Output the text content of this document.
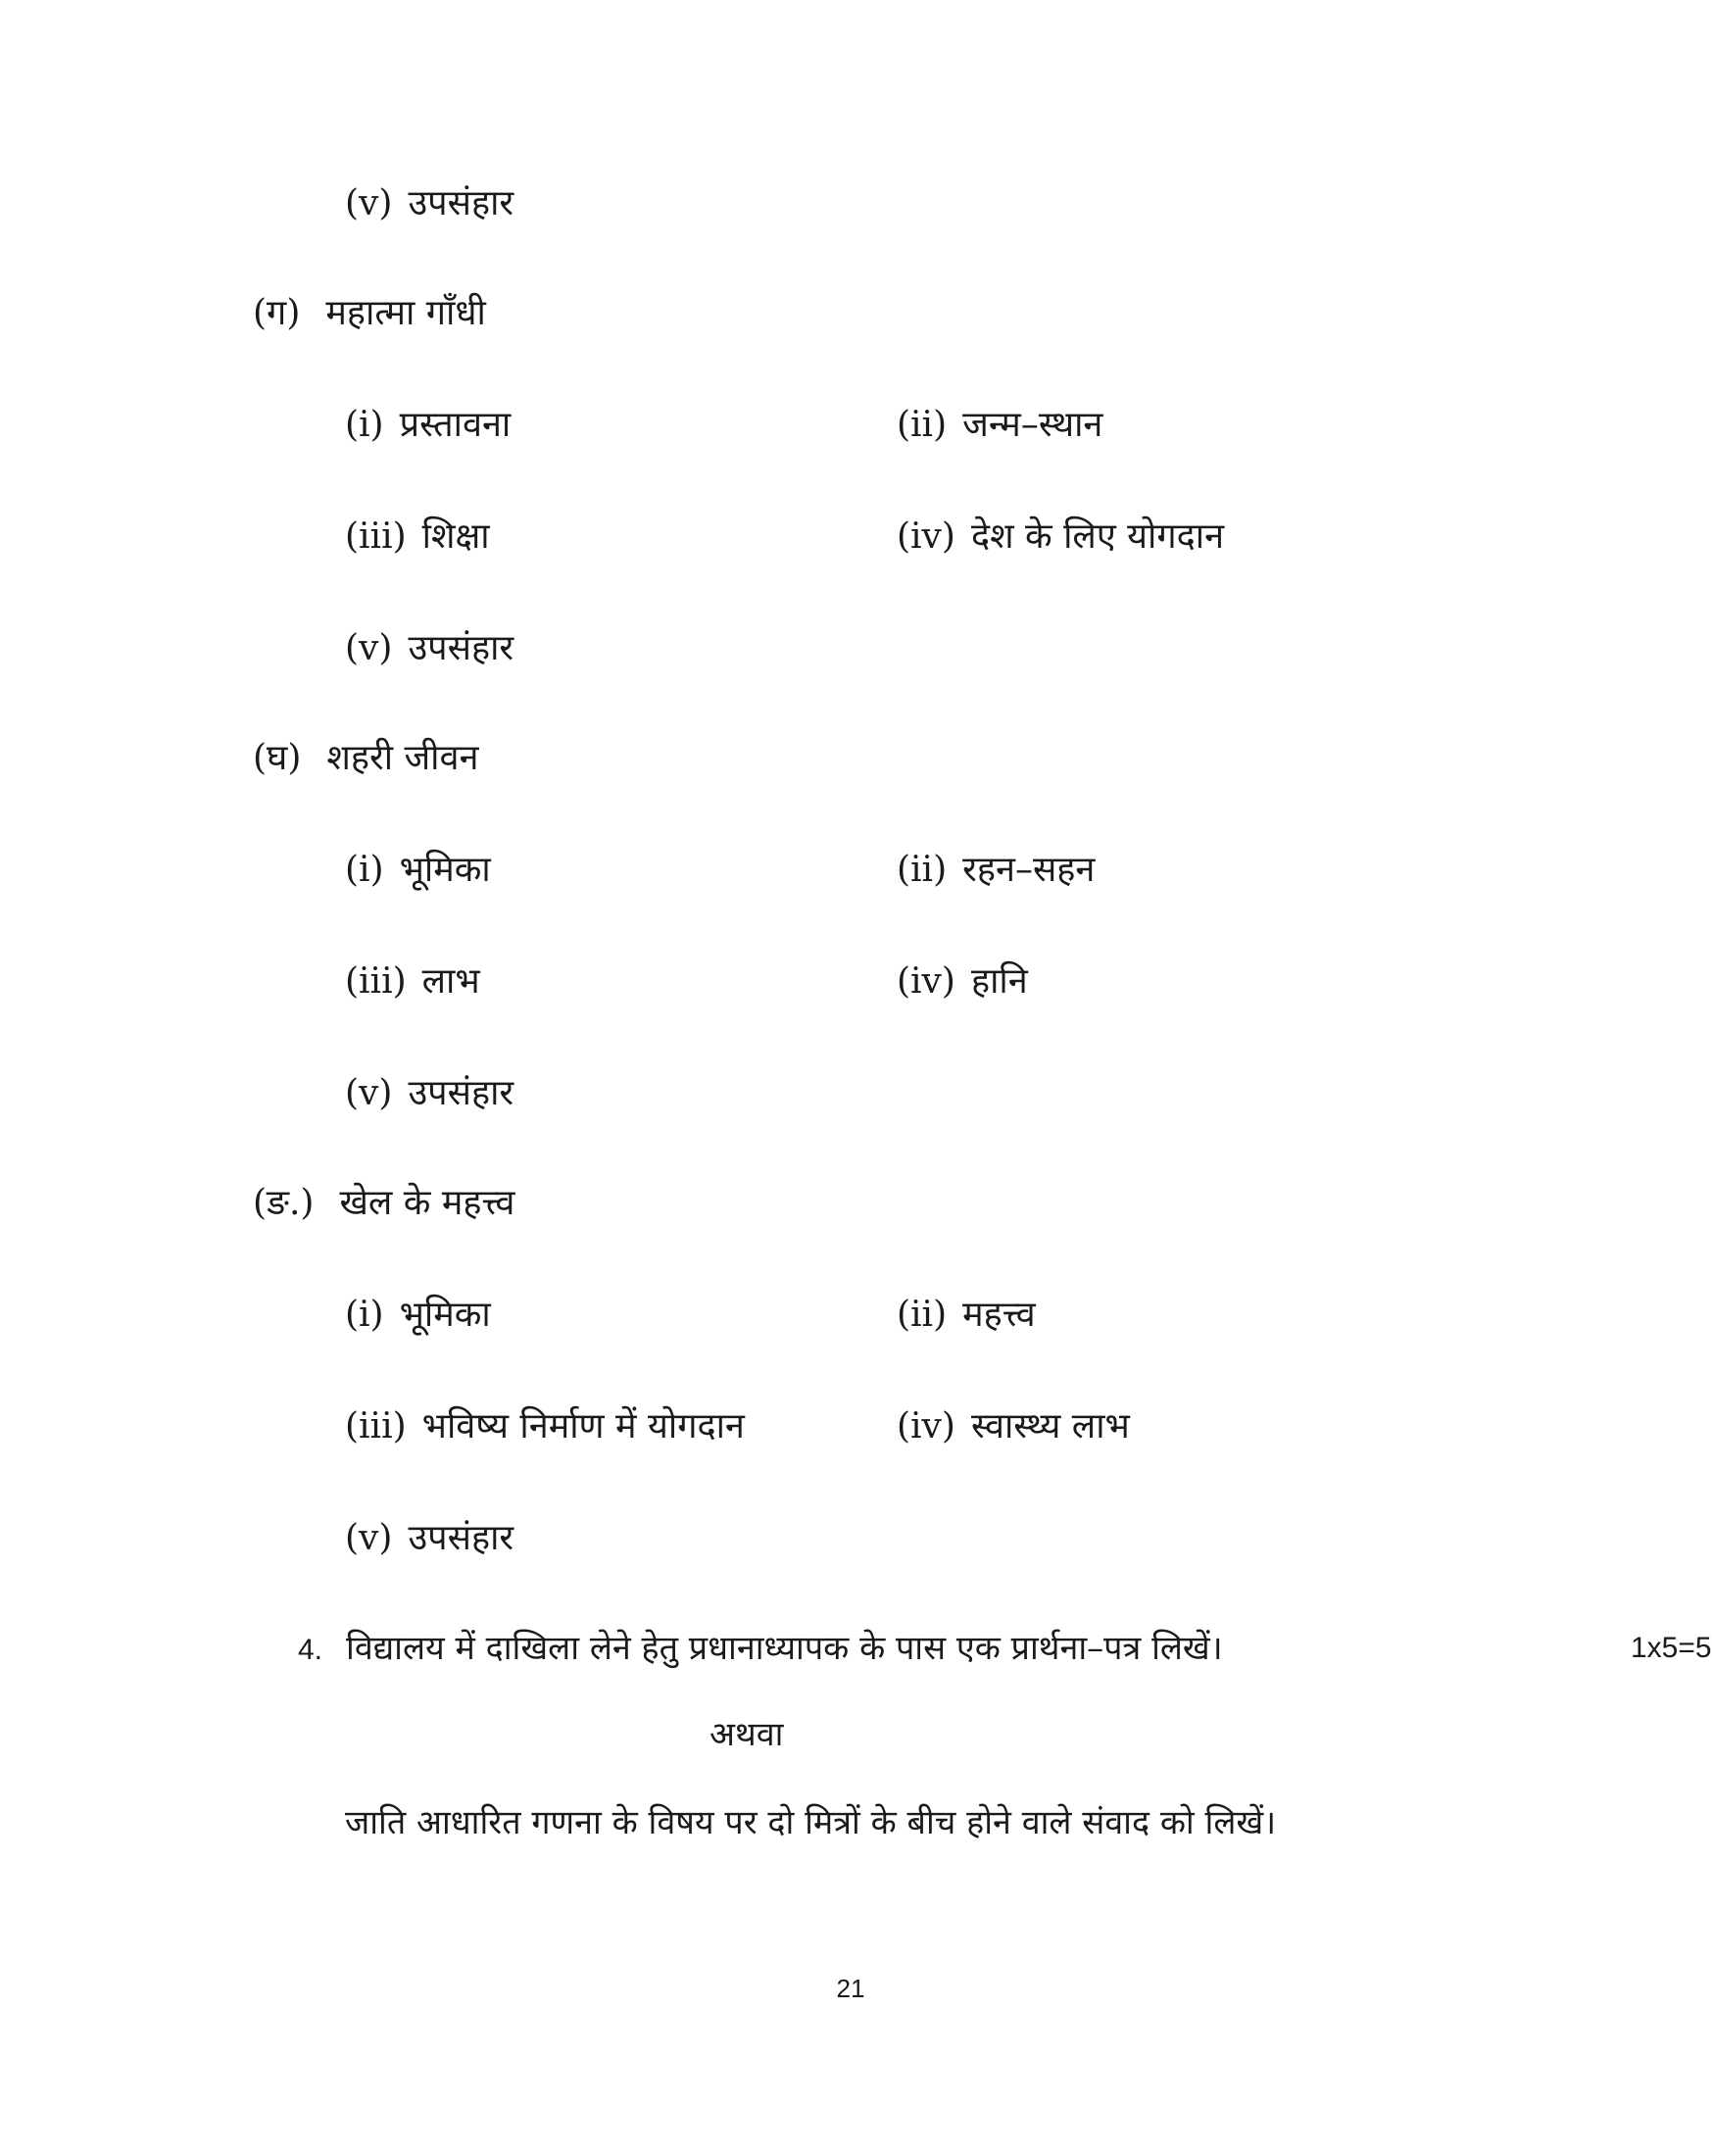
(v) उपसंहार
(ग) महात्मा गाँधी
(i) प्रस्तावना	(ii) जन्म–स्थान
(iii) शिक्षा	(iv) देश के लिए योगदान
(v) उपसंहार
(घ) शहरी जीवन
(i) भूमिका	(ii) रहन–सहन
(iii) लाभ	(iv) हानि
(v) उपसंहार
(ङ.) खेल के महत्त्व
(i) भूमिका	(ii) महत्त्व
(iii) भविष्य निर्माण में योगदान	(iv) स्वास्थ्य लाभ
(v) उपसंहार
4. विद्यालय में दाखिला लेने हेतु प्रधानाध्यापक के पास एक प्रार्थना–पत्र लिखें।	1x5=5
अथवा
जाति आधारित गणना के विषय पर दो मित्रों के बीच होने वाले संवाद को लिखें।
21
